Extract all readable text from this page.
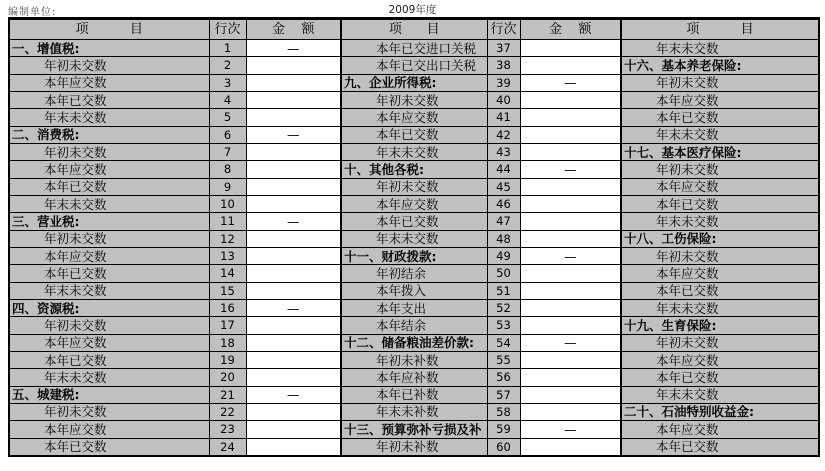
编制单位:	2009年度
项          目	行次	金    额	项      目	行次	金    额	项          目
一、增值税:	1	—	本年已交进口关税	37		年末未交数
年初未交数	2		本年已交出口关税	38		十六、基本养老保险:
本年应交数	3		九、企业所得税:	39	—	年初未交数
本年已交数	4		年初未交数	40		本年应交数
年末未交数	5		本年应交数	41		本年已交数
二、消费税:	6	—	本年已交数	42		年末未交数
年初未交数	7		年末未交数	43		十七、基本医疗保险:
本年应交数	8		十、其他各税:	44	—	年初未交数
本年已交数	9		年初未交数	45		本年应交数
年末未交数	10		本年应交数	46		本年已交数
三、营业税:	11	—	本年已交数	47		年末未交数
年初未交数	12		年末未交数	48		十八、工伤保险:
本年应交数	13		十一、财政拨款:	49	—	年初未交数
本年已交数	14		年初结余	50		本年应交数
年末未交数	15		本年拨入	51		本年已交数
四、资源税:	16	—	本年支出	52		年末未交数
年初未交数	17		本年结余	53		十九、生育保险:
本年应交数	18		十二、储备粮油差价款:	54	—	年初未交数
本年已交数	19		年初未补数	55		本年应交数
年末未交数	20		本年应补数	56		本年已交数
五、城建税:	21	—	本年已补数	57		年末未交数
年初未交数	22		年末未补数	58		二十、石油特别收益金:
本年应交数	23		十三、预算弥补亏损及补	59	—	本年应交数
本年已交数	24		年初未补数	60		本年已交数
